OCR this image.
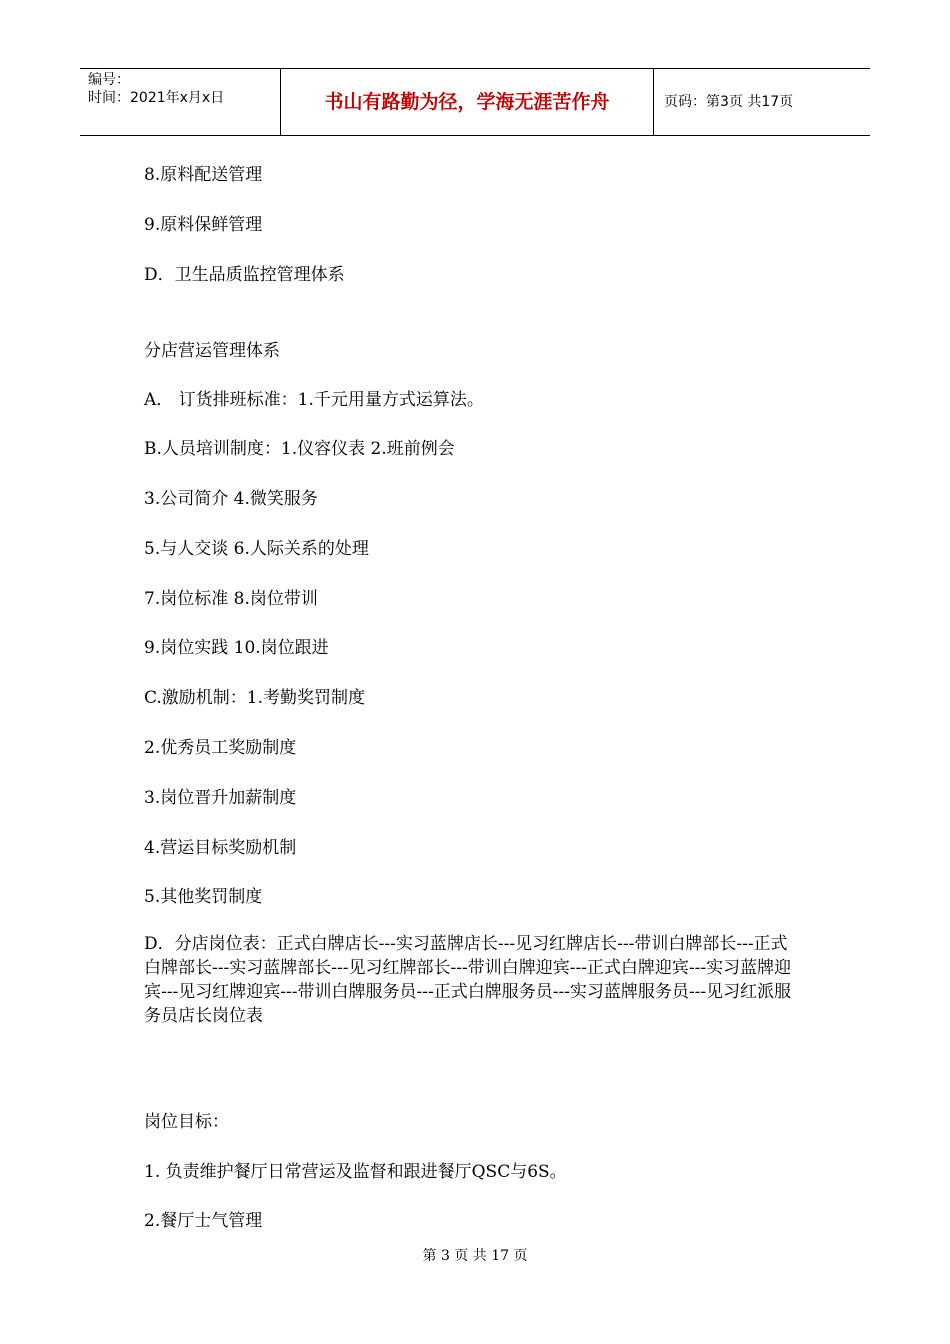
编号：
时间：2021年x月x日	书山有路勤为径，学海无涯苦作舟	页码：第3页 共17页
8.原料配送管理
9.原料保鲜管理
D．卫生品质监控管理体系
分店营运管理体系
A． 订货排班标准：1.千元用量方式运算法。
B.人员培训制度：1.仪容仪表 2.班前例会
3.公司简介 4.微笑服务
5.与人交谈 6.人际关系的处理
7.岗位标准 8.岗位带训
9.岗位实践 10.岗位跟进
C.激励机制：1.考勤奖罚制度
2.优秀员工奖励制度
3.岗位晋升加薪制度
4.营运目标奖励机制
5.其他奖罚制度
D．分店岗位表：正式白牌店长---实习蓝牌店长---见习红牌店长---带训白牌部长---正式白牌部长---实习蓝牌部长---见习红牌部长---带训白牌迎宾---正式白牌迎宾---实习蓝牌迎宾---见习红牌迎宾---带训白牌服务员---正式白牌服务员---实习蓝牌服务员---见习红派服务员店长岗位表
岗位目标：
1. 负责维护餐厅日常营运及监督和跟进餐厅QSC与6S。
2.餐厅士气管理
第 3 页 共 17 页
